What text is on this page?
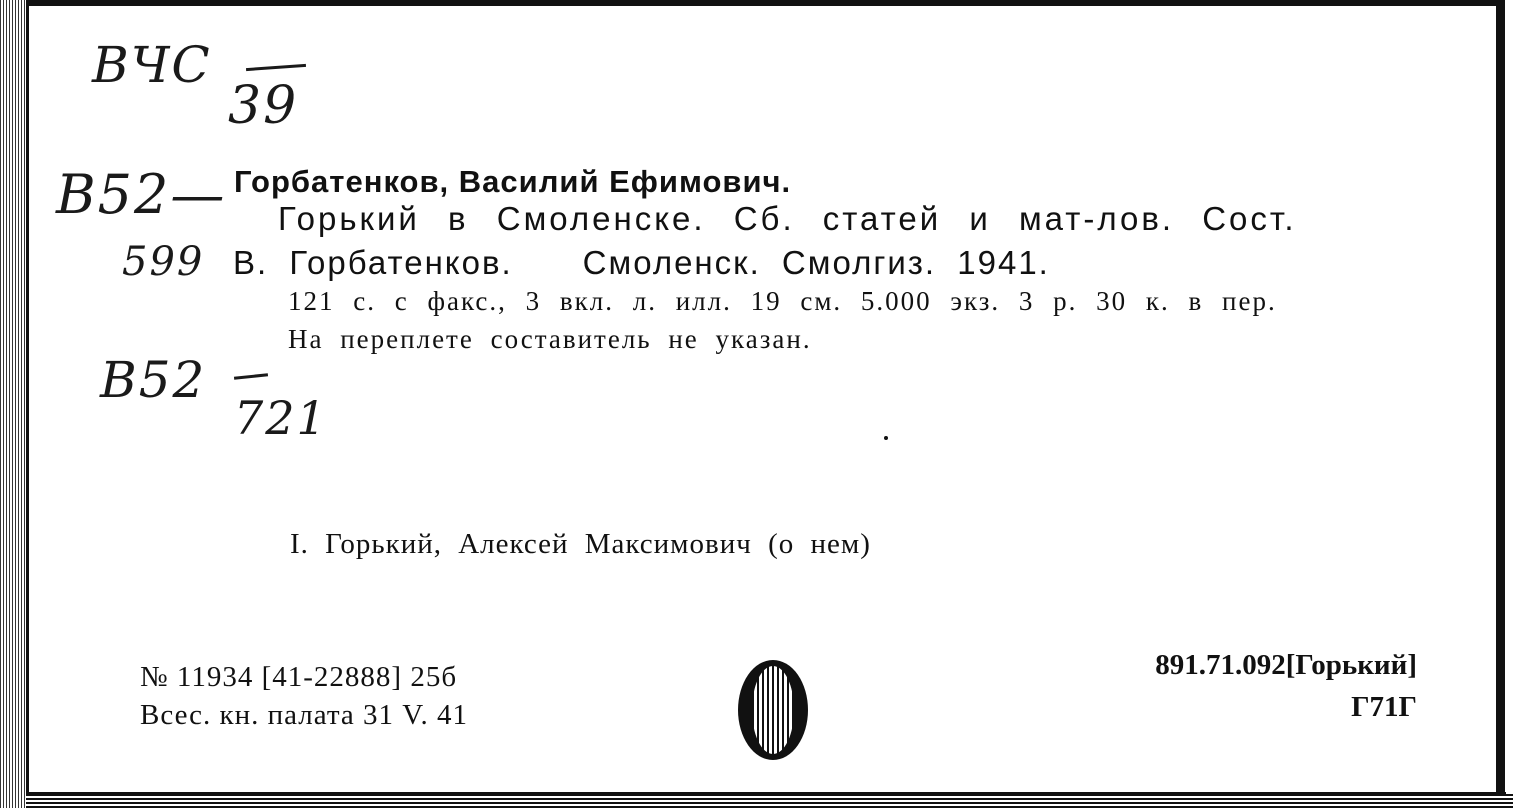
ВЧС
39
В52—
599
В52
721
Горбатенков, Василий Ефимович.
Горький в Смоленске. Сб. статей и мат-лов. Сост.
В. Горбатенков. Смоленск. Смолгиз. 1941.
121 с. с факс., 3 вкл. л. илл. 19 см. 5.000 экз. 3 р. 30 к. в пер.
На переплете составитель не указан.
I. Горький, Алексей Максимович (о нем)
№ 11934 [41-22888] 25б
Всес. кн. палата 31 V. 41
891.71.092[Горький]
Г71Г
